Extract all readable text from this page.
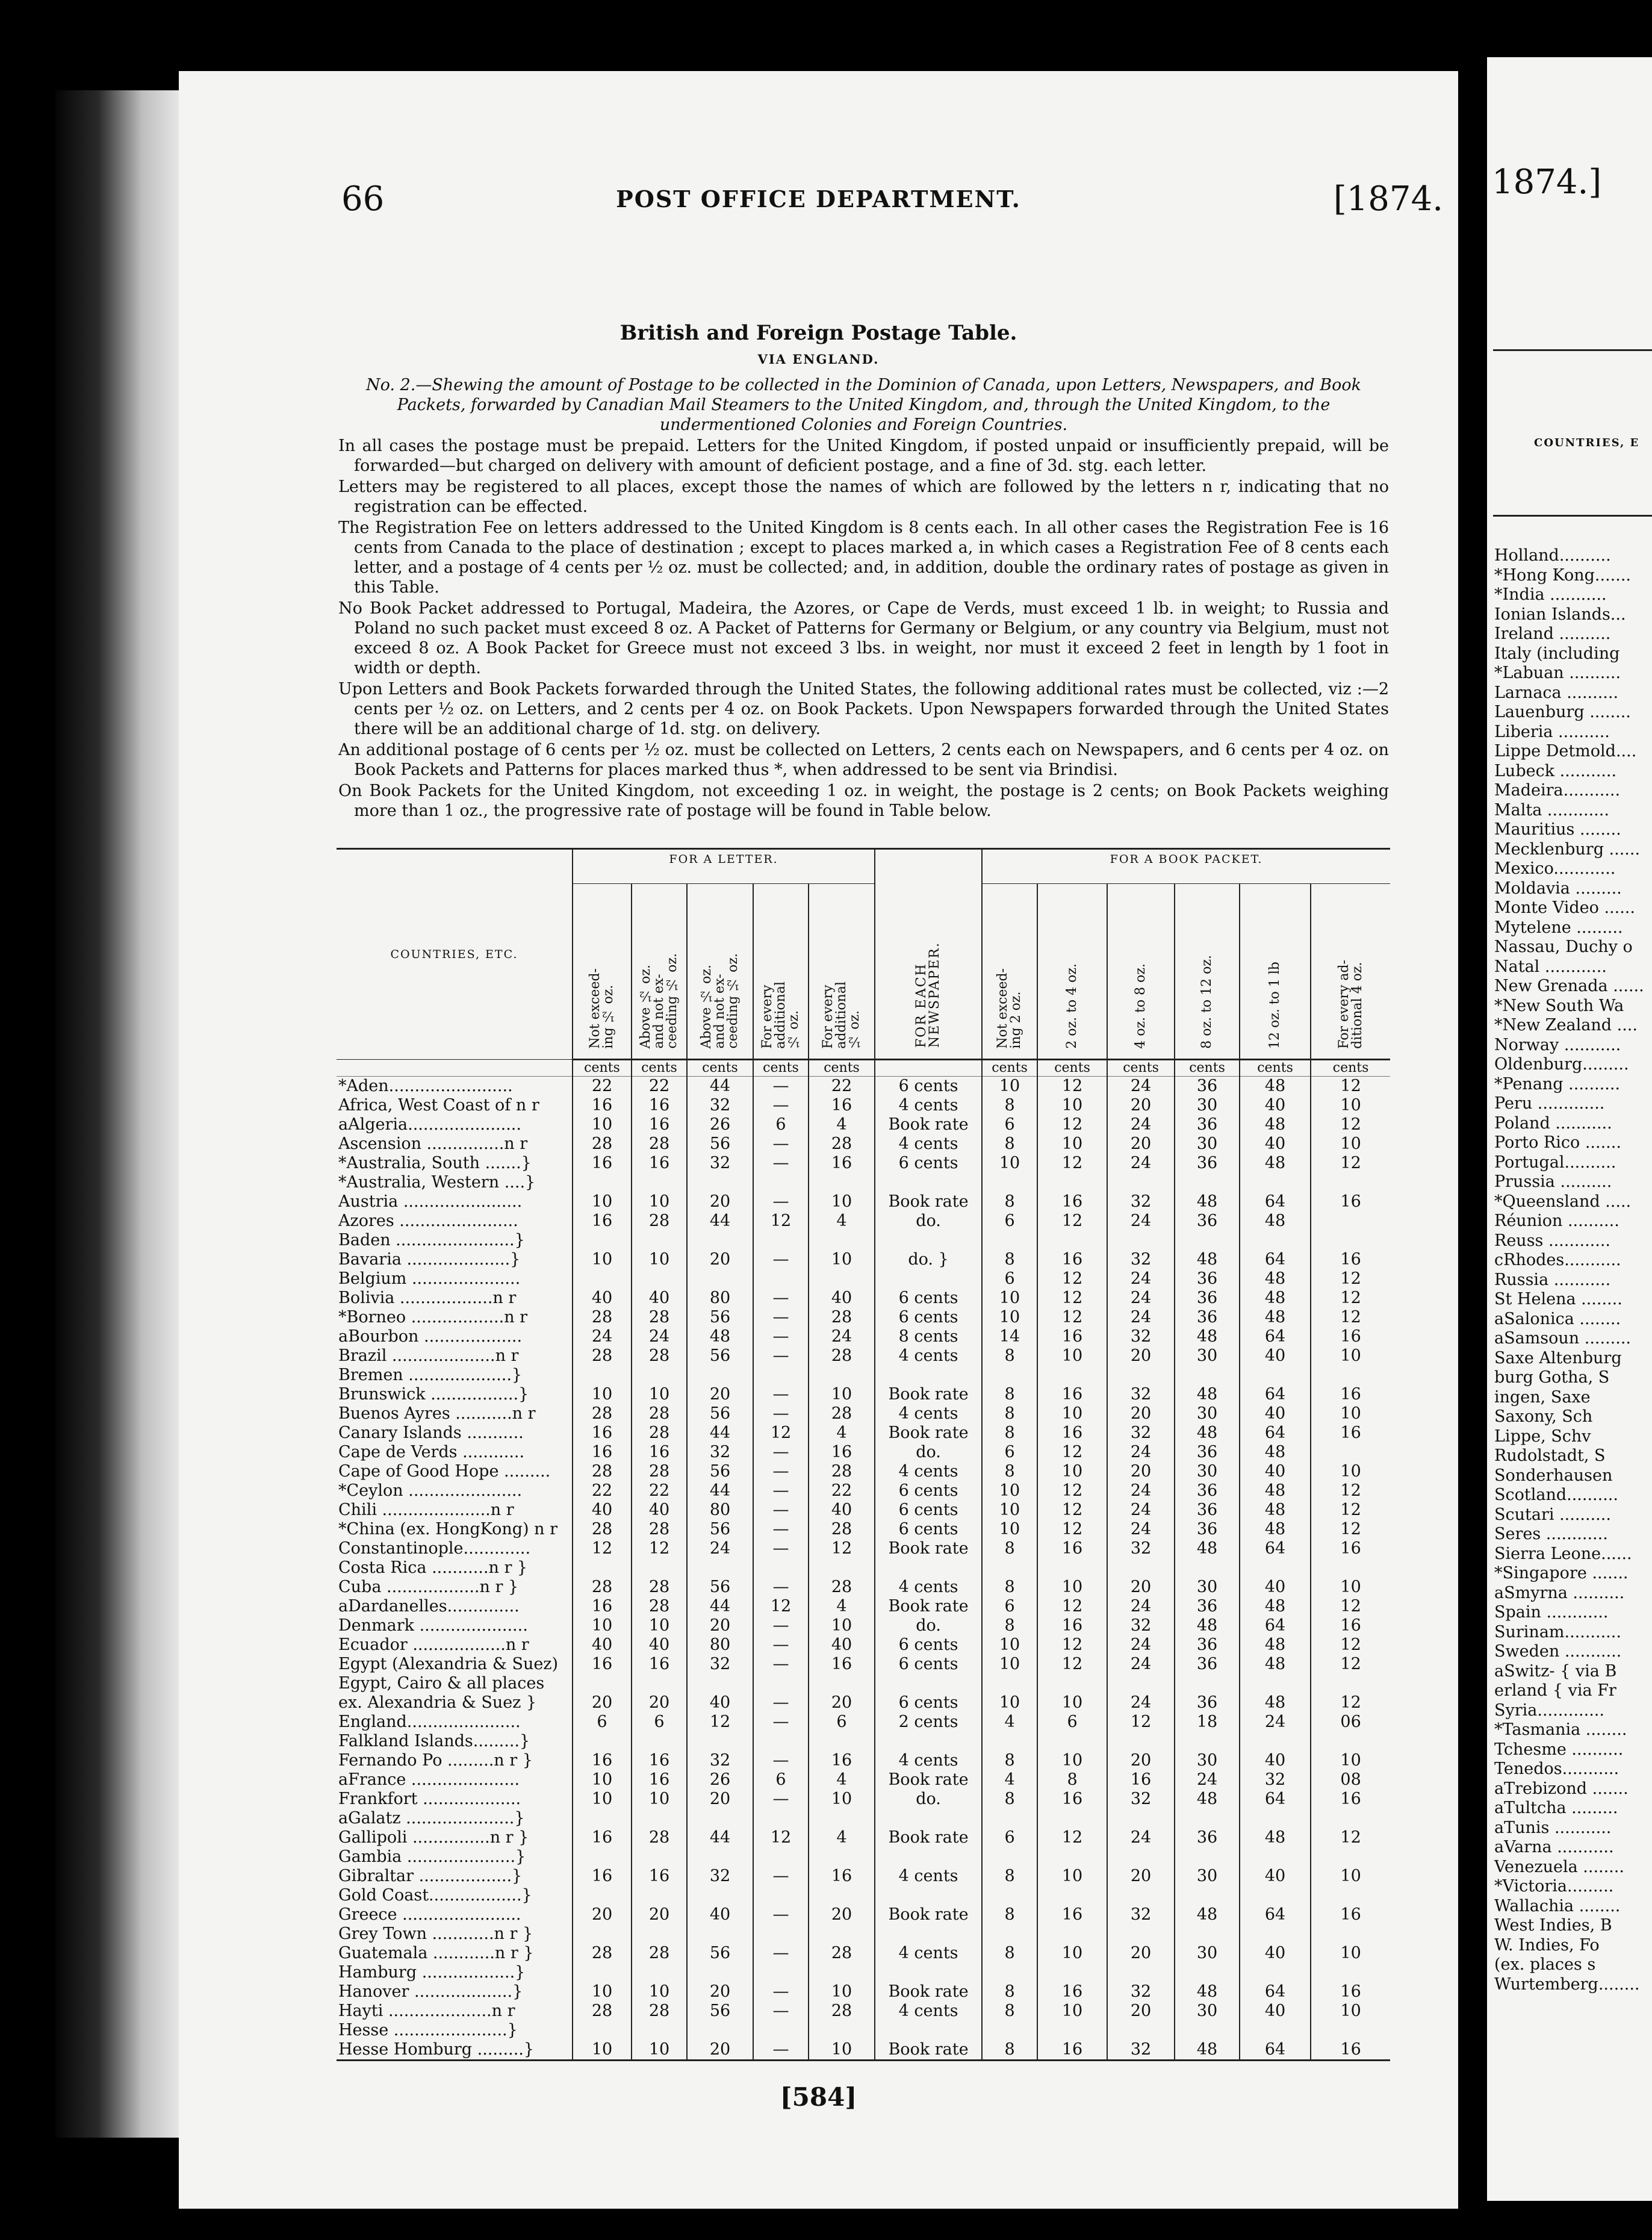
66	POST OFFICE DEPARTMENT.	[1874.
British and Foreign Postage Table.
VIA ENGLAND.

No. 2.—Shewing the amount of Postage to be collected in the Dominion of Canada, upon Letters, Newspapers, and Book Packets, forwarded by Canadian Mail Steamers to the United Kingdom, and, through the United Kingdom, to the undermentioned Colonies and Foreign Countries.

In all cases the postage must be prepaid. Letters for the United Kingdom, if posted unpaid or insufficiently prepaid, will be forwarded—but charged on delivery with amount of deficient postage, and a fine of 3d. stg. each letter.

Letters may be registered to all places, except those the names of which are followed by the letters n r, indicating that no registration can be effected.

The Registration Fee on letters addressed to the United Kingdom is 8 cents each. In all other cases the Registration Fee is 16 cents from Canada to the place of destination ; except to places marked a, in which cases a Registration Fee of 8 cents each letter, and a postage of 4 cents per ½ oz. must be collected; and, in addition, double the ordinary rates of postage as given in this Table.

No Book Packet addressed to Portugal, Madeira, the Azores, or Cape de Verds, must exceed 1 lb. in weight; to Russia and Poland no such packet must exceed 8 oz. A Packet of Patterns for Germany or Belgium, or any country via Belgium, must not exceed 8 oz. A Book Packet for Greece must not exceed 3 lbs. in weight, nor must it exceed 2 feet in length by 1 foot in width or depth.

Upon Letters and Book Packets forwarded through the United States, the following additional rates must be collected, viz :—2 cents per ½ oz. on Letters, and 2 cents per 4 oz. on Book Packets. Upon Newspapers forwarded through the United States there will be an additional charge of 1d. stg. on delivery.

An additional postage of 6 cents per ½ oz. must be collected on Letters, 2 cents each on Newspapers, and 6 cents per 4 oz. on Book Packets and Patterns for places marked thus *, when addressed to be sent via Brindisi.

On Book Packets for the United Kingdom, not exceeding 1 oz. in weight, the postage is 2 cents; on Book Packets weighing more than 1 oz., the progressive rate of postage will be found in Table below.

COUNTRIES, ETC.	FOR A LETTER.					FOR EACH
NEWSPAPER.	FOR A BOOK PACKET.					
	Not exceed-
ing ½ oz.	Above ½ oz.
and not ex-
ceeding ½ oz.	Above ½ oz.
and not ex-
ceeding ½ oz.	For every
additional
½ oz.	For every
additional
½ oz.		Not exceed-
ing 2 oz.	2 oz. to 4 oz.	4 oz. to 8 oz.	8 oz. to 12 oz.	12 oz. to 1 lb	For every ad-
ditional 4 oz.
	cents	cents	cents	cents	cents		cents	cents	cents	cents	cents	cents
*Aden........................	22	22	44	—	22	6 cents	10	12	24	36	48	12
Africa, West Coast of n r	16	16	32	—	16	4 cents	8	10	20	30	40	10
aAlgeria......................	10	16	26	6	4	Book rate	6	12	24	36	48	12
Ascension ...............n r	28	28	56	—	28	4 cents	8	10	20	30	40	10
*Australia, South .......}	16	16	32	—	16	6 cents	10	12	24	36	48	12
*Australia, Western ....}												
Austria .......................	10	10	20	—	10	Book rate	8	16	32	48	64	16
Azores .......................	16	28	44	12	4	do.	6	12	24	36	48	
Baden .......................}												
Bavaria ....................}	10	10	20	—	10	do. }	8	16	32	48	64	16
Belgium .....................							6	12	24	36	48	12
Bolivia ..................n r	40	40	80	—	40	6 cents	10	12	24	36	48	12
*Borneo ..................n r	28	28	56	—	28	6 cents	10	12	24	36	48	12
aBourbon ...................	24	24	48	—	24	8 cents	14	16	32	48	64	16
Brazil ....................n r	28	28	56	—	28	4 cents	8	10	20	30	40	10
Bremen ....................}												
Brunswick .................}	10	10	20	—	10	Book rate	8	16	32	48	64	16
Buenos Ayres ...........n r	28	28	56	—	28	4 cents	8	10	20	30	40	10
Canary Islands ...........	16	28	44	12	4	Book rate	8	16	32	48	64	16
Cape de Verds ............	16	16	32	—	16	do.	6	12	24	36	48	
Cape of Good Hope .........	28	28	56	—	28	4 cents	8	10	20	30	40	10
*Ceylon ......................	22	22	44	—	22	6 cents	10	12	24	36	48	12
Chili .....................n r	40	40	80	—	40	6 cents	10	12	24	36	48	12
*China (ex. HongKong) n r	28	28	56	—	28	6 cents	10	12	24	36	48	12
Constantinople.............	12	12	24	—	12	Book rate	8	16	32	48	64	16
Costa Rica ...........n r }												
Cuba ..................n r }	28	28	56	—	28	4 cents	8	10	20	30	40	10
aDardanelles..............	16	28	44	12	4	Book rate	6	12	24	36	48	12
Denmark .....................	10	10	20	—	10	do.	8	16	32	48	64	16
Ecuador ..................n r	40	40	80	—	40	6 cents	10	12	24	36	48	12
Egypt (Alexandria & Suez)	16	16	32	—	16	6 cents	10	12	24	36	48	12
Egypt, Cairo & all places												
ex. Alexandria & Suez }	20	20	40	—	20	6 cents	10	10	24	36	48	12
England......................	6	6	12	—	6	2 cents	4	6	12	18	24	06
Falkland Islands.........}												
Fernando Po .........n r }	16	16	32	—	16	4 cents	8	10	20	30	40	10
aFrance .....................	10	16	26	6	4	Book rate	4	8	16	24	32	08
Frankfort ...................	10	10	20	—	10	do.	8	16	32	48	64	16
aGalatz .....................}												
Gallipoli ...............n r }	16	28	44	12	4	Book rate	6	12	24	36	48	12
Gambia .....................}												
Gibraltar ..................}	16	16	32	—	16	4 cents	8	10	20	30	40	10
Gold Coast..................}												
Greece .......................	20	20	40	—	20	Book rate	8	16	32	48	64	16
Grey Town ............n r }												
Guatemala ............n r }	28	28	56	—	28	4 cents	8	10	20	30	40	10
Hamburg ..................}												
Hanover ...................}	10	10	20	—	10	Book rate	8	16	32	48	64	16
Hayti ....................n r	28	28	56	—	28	4 cents	8	10	20	30	40	10
Hesse ......................}												
Hesse Homburg .........}	10	10	20	—	10	Book rate	8	16	32	48	64	16
[584]
1874.]
COUNTRIES, E
Holland..........
*Hong Kong.......
*India ...........
Ionian Islands...
Ireland ..........
Italy (including
*Labuan ..........
Larnaca ..........
Lauenburg ........
Liberia ..........
Lippe Detmold....
Lubeck ...........
Madeira...........
Malta ............
Mauritius ........
Mecklenburg ......
Mexico............
Moldavia .........
Monte Video ......
Mytelene .........
Nassau, Duchy o
Natal ............
New Grenada ......
*New South Wa
*New Zealand ....
Norway ...........
Oldenburg.........
*Penang ..........
Peru .............
Poland ...........
Porto Rico .......
Portugal..........
Prussia ..........
*Queensland .....
Réunion ..........
Reuss ............
cRhodes...........
Russia ...........
St Helena ........
aSalonica ........
aSamsoun .........
Saxe Altenburg
burg Gotha, S
ingen, Saxe
Saxony, Sch
Lippe, Schv
Rudolstadt, S
Sonderhausen
Scotland..........
Scutari ..........
Seres ............
Sierra Leone......
*Singapore .......
aSmyrna ..........
Spain ............
Surinam...........
Sweden ...........
aSwitz- { via B
erland { via Fr
Syria.............
*Tasmania ........
Tchesme ..........
Tenedos...........
aTrebizond .......
aTultcha .........
aTunis ...........
aVarna ...........
Venezuela ........
*Victoria.........
Wallachia ........
West Indies, B
W. Indies, Fo
(ex. places s
Wurtemberg........
